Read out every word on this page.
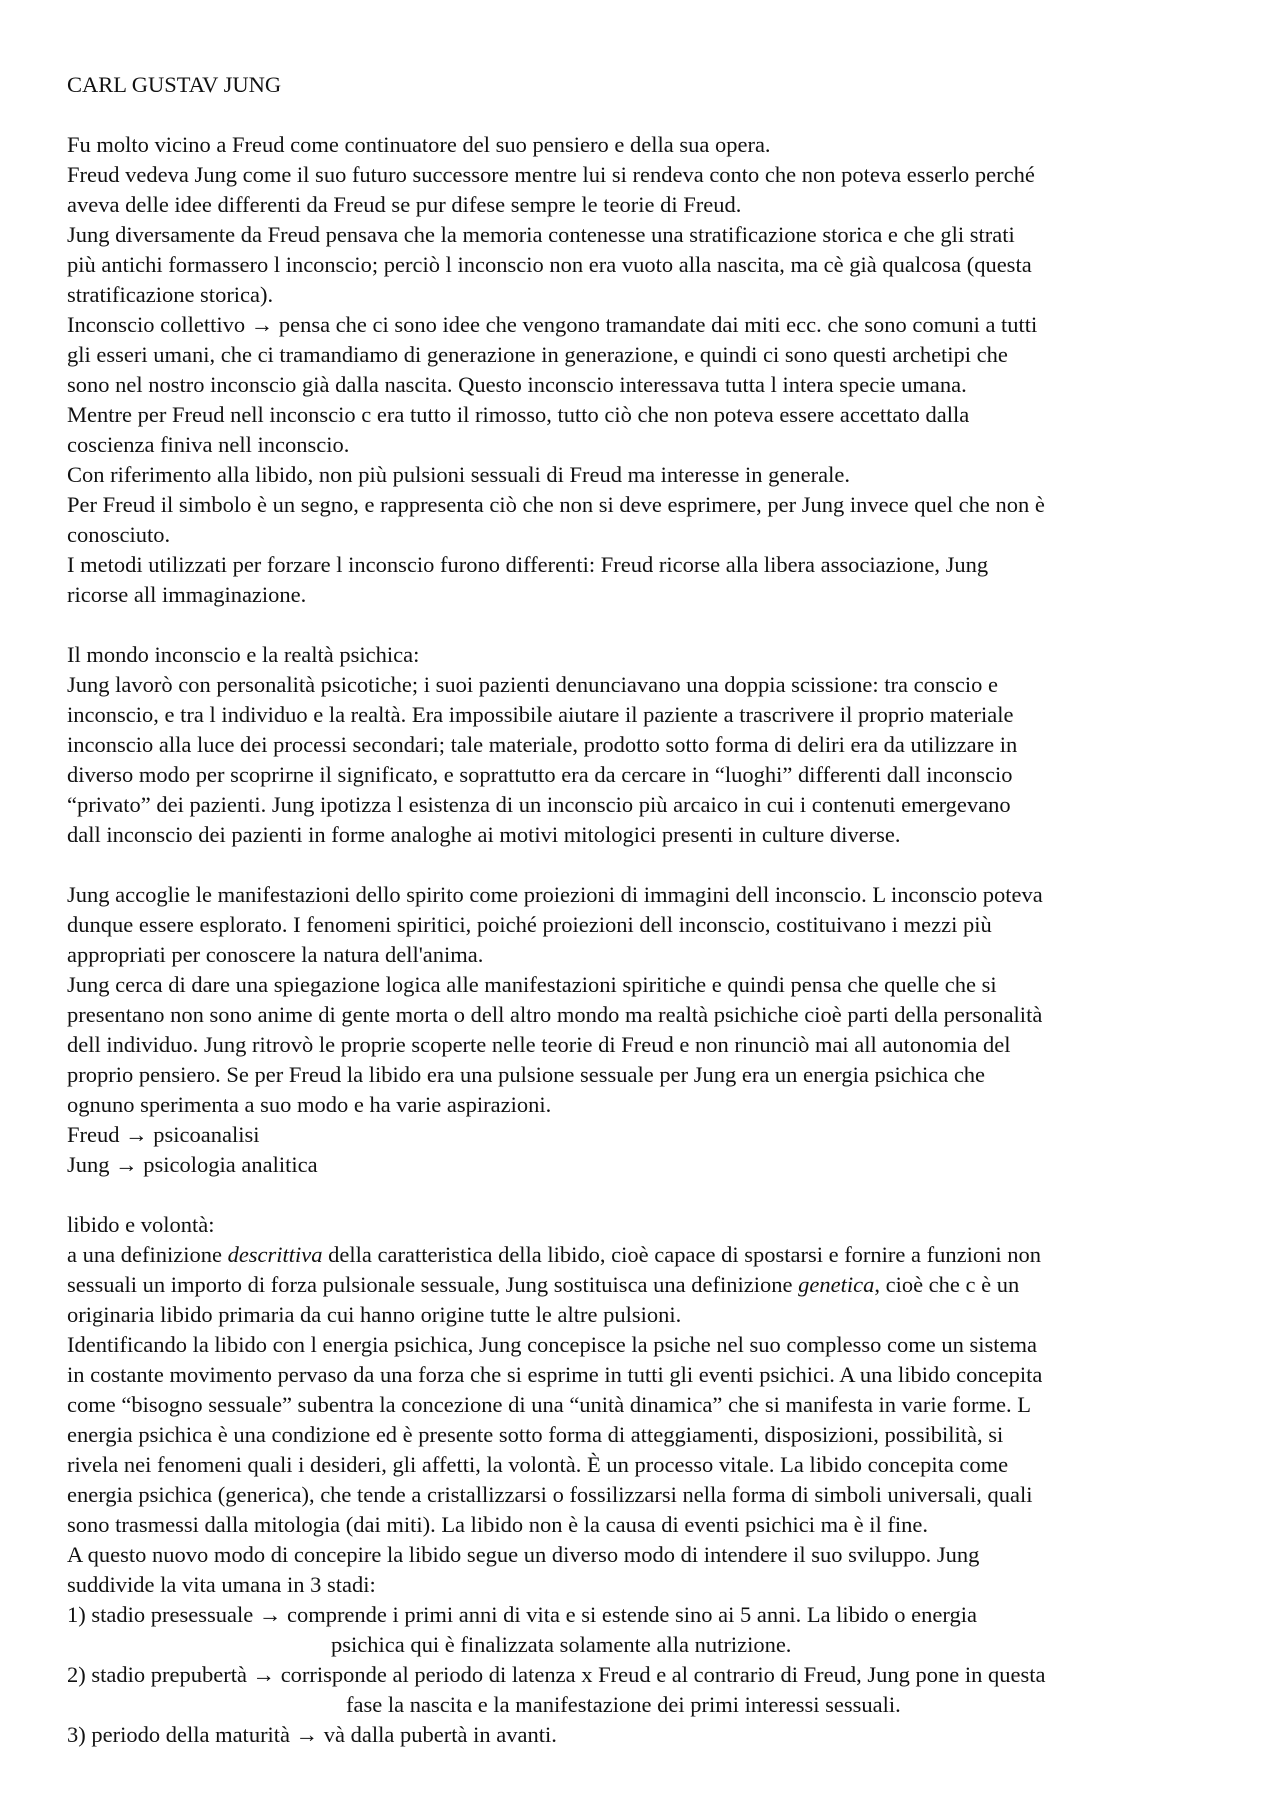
CARL GUSTAV JUNG

Fu molto vicino a Freud come continuatore del suo pensiero e della sua opera.

Freud vedeva Jung come il suo futuro successore mentre lui si rendeva conto che non poteva esserlo perché

aveva delle idee differenti da Freud se pur difese sempre le teorie di Freud.

Jung diversamente da Freud pensava che la memoria contenesse una stratificazione storica e che gli strati

più antichi formassero l inconscio; perciò l inconscio non era vuoto alla nascita, ma cè già qualcosa (questa

stratificazione storica).

Inconscio collettivo → pensa che ci sono idee che vengono tramandate dai miti ecc. che sono comuni a tutti

gli esseri umani, che ci tramandiamo di generazione in generazione, e quindi ci sono questi archetipi che

sono nel nostro inconscio già dalla nascita. Questo inconscio interessava tutta l intera specie umana.

Mentre per Freud nell inconscio c era tutto il rimosso, tutto ciò che non poteva essere accettato dalla

coscienza finiva nell inconscio.

Con riferimento alla libido, non più pulsioni sessuali di Freud ma interesse in generale.

Per Freud il simbolo è un segno, e rappresenta ciò che non si deve esprimere, per Jung invece quel che non è

conosciuto.

I metodi utilizzati per forzare l inconscio furono differenti: Freud ricorse alla libera associazione, Jung

ricorse all immaginazione.

Il mondo inconscio e la realtà psichica:

Jung lavorò con personalità psicotiche; i suoi pazienti denunciavano una doppia scissione: tra conscio e

inconscio, e tra l individuo e la realtà. Era impossibile aiutare il paziente a trascrivere il proprio materiale

inconscio alla luce dei processi secondari; tale materiale, prodotto sotto forma di deliri era da utilizzare in

diverso modo per scoprirne il significato, e soprattutto era da cercare in “luoghi” differenti dall inconscio

“privato” dei pazienti. Jung ipotizza l esistenza di un inconscio più arcaico in cui i contenuti emergevano

dall inconscio dei pazienti in forme analoghe ai motivi mitologici presenti in culture diverse.

Jung accoglie le manifestazioni dello spirito come proiezioni di immagini dell inconscio. L inconscio poteva

dunque essere esplorato. I fenomeni spiritici, poiché proiezioni dell inconscio, costituivano i mezzi più

appropriati per conoscere la natura dell'anima.

Jung cerca di dare una spiegazione logica alle manifestazioni spiritiche e quindi pensa che quelle che si

presentano non sono anime di gente morta o dell altro mondo ma realtà psichiche cioè parti della personalità

dell individuo. Jung ritrovò le proprie scoperte nelle teorie di Freud e non rinunciò mai all autonomia del

proprio pensiero. Se per Freud la libido era una pulsione sessuale per Jung era un energia psichica che

ognuno sperimenta a suo modo e ha varie aspirazioni.

Freud → psicoanalisi

Jung → psicologia analitica

libido e volontà:

a una definizione descrittiva della caratteristica della libido, cioè capace di spostarsi e fornire a funzioni non

sessuali un importo di forza pulsionale sessuale, Jung sostituisca una definizione genetica, cioè che c è un

originaria libido primaria da cui hanno origine tutte le altre pulsioni.

Identificando la libido con l energia psichica, Jung concepisce la psiche nel suo complesso come un sistema

in costante movimento pervaso da una forza che si esprime in tutti gli eventi psichici. A una libido concepita

come “bisogno sessuale” subentra la concezione di una “unità dinamica” che si manifesta in varie forme. L

energia psichica è una condizione ed è presente sotto forma di atteggiamenti, disposizioni, possibilità, si

rivela nei fenomeni quali i desideri, gli affetti, la volontà. È un processo vitale. La libido concepita come

energia psichica (generica), che tende a cristallizzarsi o fossilizzarsi nella forma di simboli universali, quali

sono trasmessi dalla mitologia (dai miti). La libido non è la causa di eventi psichici ma è il fine.

A questo nuovo modo di concepire la libido segue un diverso modo di intendere il suo sviluppo. Jung

suddivide la vita umana in 3 stadi:

1) stadio presessuale → comprende i primi anni di vita e si estende sino ai 5 anni. La libido o energia

psichica qui è finalizzata solamente alla nutrizione.

2) stadio prepubertà → corrisponde al periodo di latenza x Freud e al contrario di Freud, Jung pone in questa

fase la nascita e la manifestazione dei primi interessi sessuali.

3) periodo della maturità → và dalla pubertà in avanti.
